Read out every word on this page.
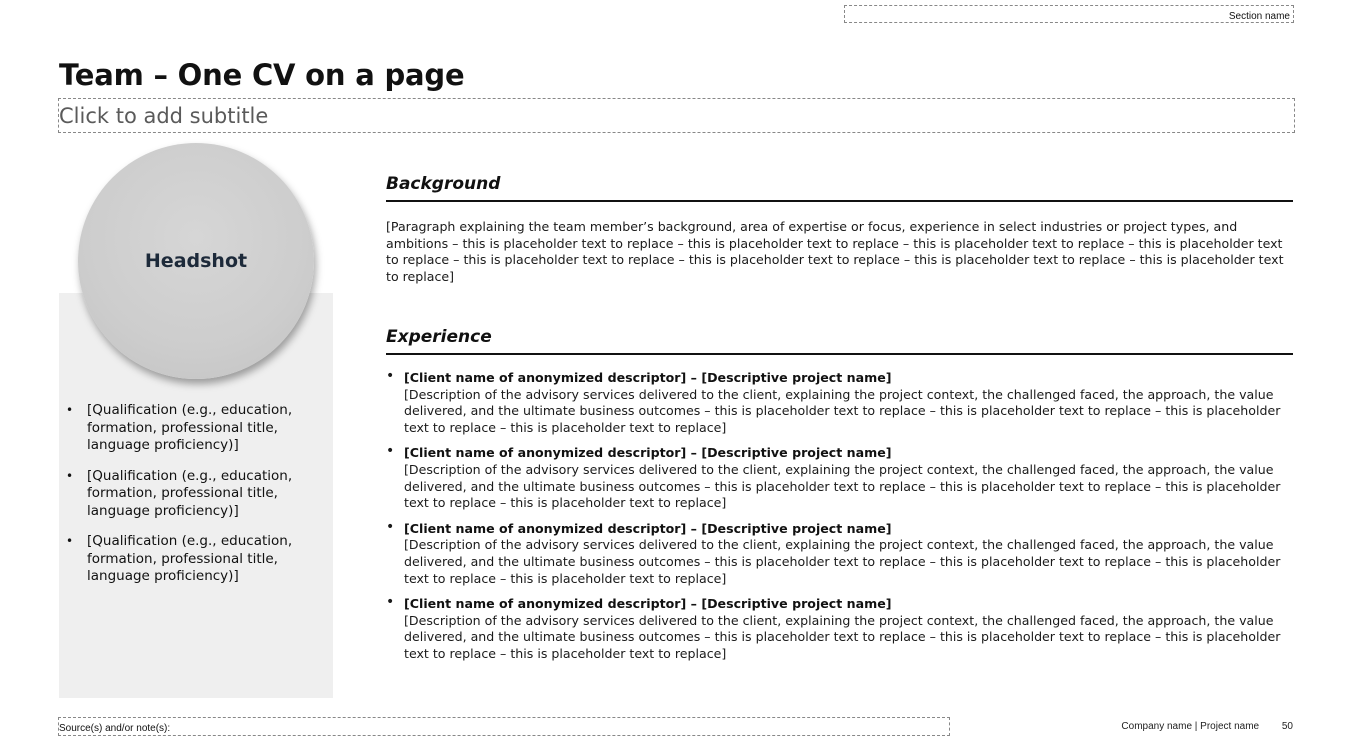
Section name
Team – One CV on a page
Click to add subtitle
Headshot
• [Qualification (e.g., education, formation, professional title, language proficiency)]
• [Qualification (e.g., education, formation, professional title, language proficiency)]
• [Qualification (e.g., education, formation, professional title, language proficiency)]
Background

[Paragraph explaining the team member’s background, area of expertise or focus, experience in select industries or project types, and ambitions – this is placeholder text to replace – this is placeholder text to replace – this is placeholder text to replace – this is placeholder text to replace – this is placeholder text to replace – this is placeholder text to replace – this is placeholder text to replace – this is placeholder text to replace]

Experience
• [Client name of anonymized descriptor] – [Descriptive project name]
[Description of the advisory services delivered to the client, explaining the project context, the challenged faced, the approach, the value delivered, and the ultimate business outcomes – this is placeholder text to replace – this is placeholder text to replace – this is placeholder text to replace – this is placeholder text to replace]
• [Client name of anonymized descriptor] – [Descriptive project name]
[Description of the advisory services delivered to the client, explaining the project context, the challenged faced, the approach, the value delivered, and the ultimate business outcomes – this is placeholder text to replace – this is placeholder text to replace – this is placeholder text to replace – this is placeholder text to replace]
• [Client name of anonymized descriptor] – [Descriptive project name]
[Description of the advisory services delivered to the client, explaining the project context, the challenged faced, the approach, the value delivered, and the ultimate business outcomes – this is placeholder text to replace – this is placeholder text to replace – this is placeholder text to replace – this is placeholder text to replace]
• [Client name of anonymized descriptor] – [Descriptive project name]
[Description of the advisory services delivered to the client, explaining the project context, the challenged faced, the approach, the value delivered, and the ultimate business outcomes – this is placeholder text to replace – this is placeholder text to replace – this is placeholder text to replace – this is placeholder text to replace]
Source(s) and/or note(s):	Company name | Project name 50
